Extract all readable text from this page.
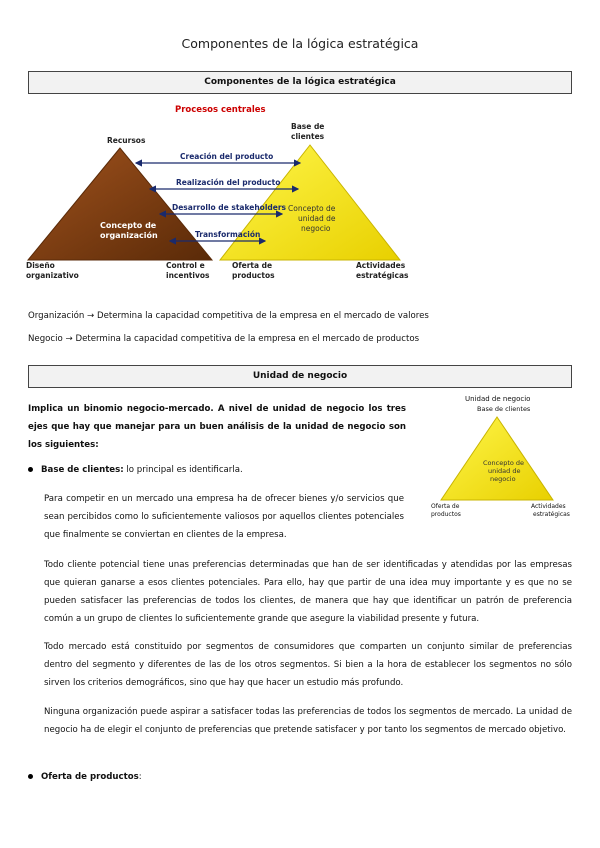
Componentes de la lógica estratégica
Componentes de la lógica estratégica
Procesos centrales
Recursos
Base de
clientes
Concepto de
organización
Concepto de
unidad de
negocio
Creación del producto
Realización del producto
Desarrollo de stakeholders
Transformación
Diseño
organizativo
Control e
incentivos
Oferta de
productos
Actividades
estratégicas
Organización → Determina la capacidad competitiva de la empresa en el mercado de valores
Negocio → Determina la capacidad competitiva de la empresa en el mercado de productos
Unidad de negocio
Implica un binomio negocio-mercado. A nivel de unidad de negocio los tres ejes que hay que manejar para un buen análisis de la unidad de negocio son los siguientes:
Unidad de negocio
Base de clientes
Concepto de
unidad de
negocio
Oferta de
productos
Actividades
estratégicas
Base de clientes: lo principal es identificarla.
Para competir en un mercado una empresa ha de ofrecer bienes y/o servicios que sean percibidos como lo suficientemente valiosos por aquellos clientes potenciales que finalmente se conviertan en clientes de la empresa.
Todo cliente potencial tiene unas preferencias determinadas que han de ser identificadas y atendidas por las empresas que quieran ganarse a esos clientes potenciales. Para ello, hay que partir de una idea muy importante y es que no se pueden satisfacer las preferencias de todos los clientes, de manera que hay que identificar un patrón de preferencia común a un grupo de clientes lo suficientemente grande que asegure la viabilidad presente y futura.
Todo mercado está constituido por segmentos de consumidores que comparten un conjunto similar de preferencias dentro del segmento y diferentes de las de los otros segmentos. Si bien a la hora de establecer los segmentos no sólo sirven los criterios demográficos, sino que hay que hacer un estudio más profundo.
Ninguna organización puede aspirar a satisfacer todas las preferencias de todos los segmentos de mercado. La unidad de negocio ha de elegir el conjunto de preferencias que pretende satisfacer y por tanto los segmentos de mercado objetivo.
Oferta de productos:
